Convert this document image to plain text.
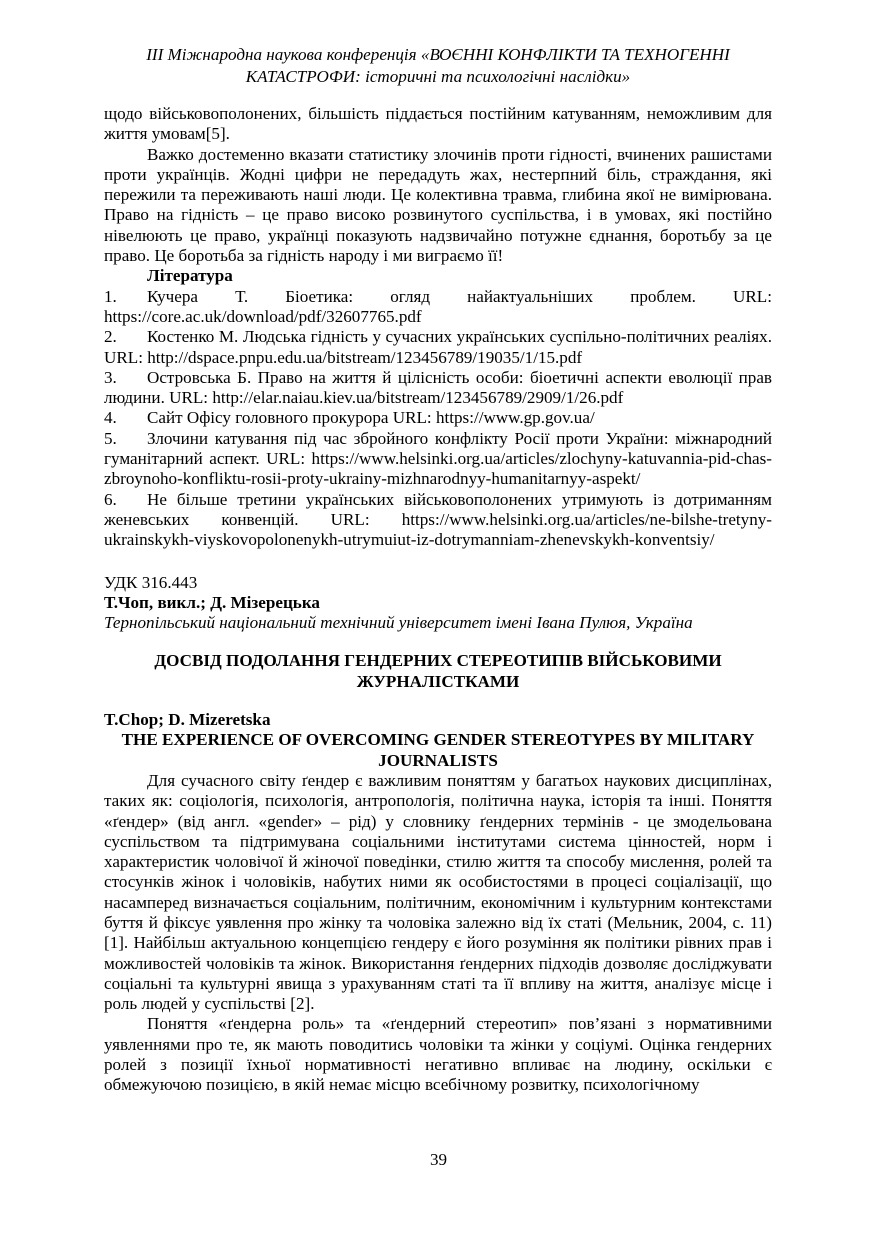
ІІІ Міжнародна наукова конференція «ВОЄННІ КОНФЛІКТИ ТА ТЕХНОГЕННІ
КАТАСТРОФИ: історичні та психологічні наслідки»

щодо військовополонених, більшість піддається постійним катуванням, неможливим для життя умовам[5].

Важко достеменно вказати статистику злочинів проти гідності, вчинених рашистами проти українців. Жодні цифри не передадуть жах, нестерпний біль, страждання, які пережили та переживають наші люди. Це колективна травма, глибина якої не вимірювана. Право на гідність – це право високо розвинутого суспільства, і в умовах, які постійно нівелюють це право, українці показують надзвичайно потужне єднання, боротьбу за це право. Це боротьба за гідність народу і ми виграємо її!

Література
1. Кучера Т. Біоетика: огляд найактуальніших проблем. URL: https://core.ac.uk/download/pdf/32607765.pdf
2. Костенко М. Людська гідність у сучасних українських суспільно-політичних реаліях. URL: http://dspace.pnpu.edu.ua/bitstream/123456789/19035/1/15.pdf
3. Островська Б. Право на життя й цілісність особи: біоетичні аспекти еволюції прав людини. URL: http://elar.naiau.kiev.ua/bitstream/123456789/2909/1/26.pdf
4. Сайт Офісу головного прокурора URL: https://www.gp.gov.ua/
5. Злочини катування під час збройного конфлікту Росії проти України: міжнародний гуманітарний аспект. URL: https://www.helsinki.org.ua/articles/zlochyny-katuvannia-pid-chas-zbroynoho-konfliktu-rosii-proty-ukrainy-mizhnarodnyy-humanitarnyy-aspekt/
6. Не більше третини українських військовополонених утримують із дотриманням женевських конвенцій. URL: https://www.helsinki.org.ua/articles/ne-bilshe-tretyny-ukrainskykh-viyskovopolonenykh-utrymuiut-iz-dotrymanniam-zhenevskykh-konventsiy/
УДК 316.443
Т.Чоп, викл.; Д. Мізерецька
Тернопільський національний технічний університет імені Івана Пулюя, Україна
ДОСВІД ПОДОЛАННЯ ГЕНДЕРНИХ СТЕРЕОТИПІВ ВІЙСЬКОВИМИ
ЖУРНАЛІСТКАМИ
T.Chop; D. Mizeretska
THE EXPERIENCE OF OVERCOMING GENDER STEREOTYPES BY MILITARY
JOURNALISTS

Для сучасного світу ґендер є важливим поняттям у багатьох наукових дисциплінах, таких як: соціологія, психологія, антропологія, політична наука, історія та інші. Поняття «ґендер» (від англ. «gender» – рід) у словнику ґендерних термінів - це змодельована суспільством та підтримувана соціальними інститутами система цінностей, норм і характеристик чоловічої й жіночої поведінки, стилю життя та способу мислення, ролей та стосунків жінок і чоловіків, набутих ними як особистостями в процесі соціалізації, що насамперед визначається соціальним, політичним, економічним і культурним контекстами буття й фіксує уявлення про жінку та чоловіка залежно від їх статі (Мельник, 2004, с. 11) [1]. Найбільш актуальною концепцією гендеру є його розуміння як політики рівних прав і можливостей чоловіків та жінок. Використання ґендерних підходів дозволяє досліджувати соціальні та культурні явища з урахуванням статі та її впливу на життя, аналізує місце і роль людей у суспільстві [2].

Поняття «ґендерна роль» та «ґендерний стереотип» пов’язані з нормативними уявленнями про те, як мають поводитись чоловіки та жінки у соціумі. Оцінка гендерних ролей з позиції їхньої нормативності негативно впливає на людину, оскільки є обмежуючою позицією, в якій немає місцю всебічному розвитку, психологічному

39
